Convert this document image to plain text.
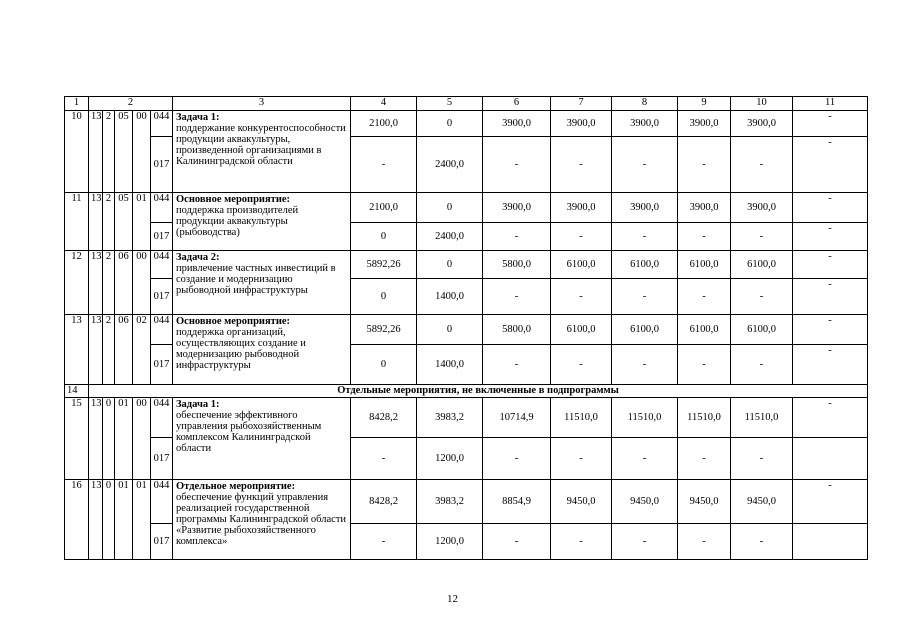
1	2					3	4	5	6	7	8	9	10	11
10	13	2	05	00	044	Задача 1:
поддержание конкурентоспособности продукции аквакультуры, произведенной организациями в Калининградской области	2100,0	0	3900,0	3900,0	3900,0	3900,0	3900,0	-
					017		-	2400,0	-	-	-	-	-	-
11	13	2	05	01	044	Основное мероприятие:
поддержка производителей продукции аквакультуры (рыбоводства)	2100,0	0	3900,0	3900,0	3900,0	3900,0	3900,0	-
					017		0	2400,0	-	-	-	-	-	-
12	13	2	06	00	044	Задача 2:
привлечение частных инвестиций в создание и модернизацию рыбоводной инфраструктуры	5892,26	0	5800,0	6100,0	6100,0	6100,0	6100,0	-
					017		0	1400,0	-	-	-	-	-	-
13	13	2	06	02	044	Основное мероприятие:
поддержка организаций, осуществляющих создание и модернизацию рыбоводной инфраструктуры	5892,26	0	5800,0	6100,0	6100,0	6100,0	6100,0	-
					017		0	1400,0	-	-	-	-	-	-
14	Отдельные мероприятия, не включенные в подпрограммы													
15	13	0	01	00	044	Задача 1:
обеспечение эффективного управления рыбохозяйственным комплексом Калининградской области	8428,2	3983,2	10714,9	11510,0	11510,0	11510,0	11510,0	-
					017		-	1200,0	-	-	-	-	-	
16	13	0	01	01	044	Отдельное мероприятие:
обеспечение функций управления реализацией государственной программы Калининградской области «Развитие рыбохозяйственного комплекса»	8428,2	3983,2	8854,9	9450,0	9450,0	9450,0	9450,0	-
					017		-	1200,0	-	-	-	-	-	
12
